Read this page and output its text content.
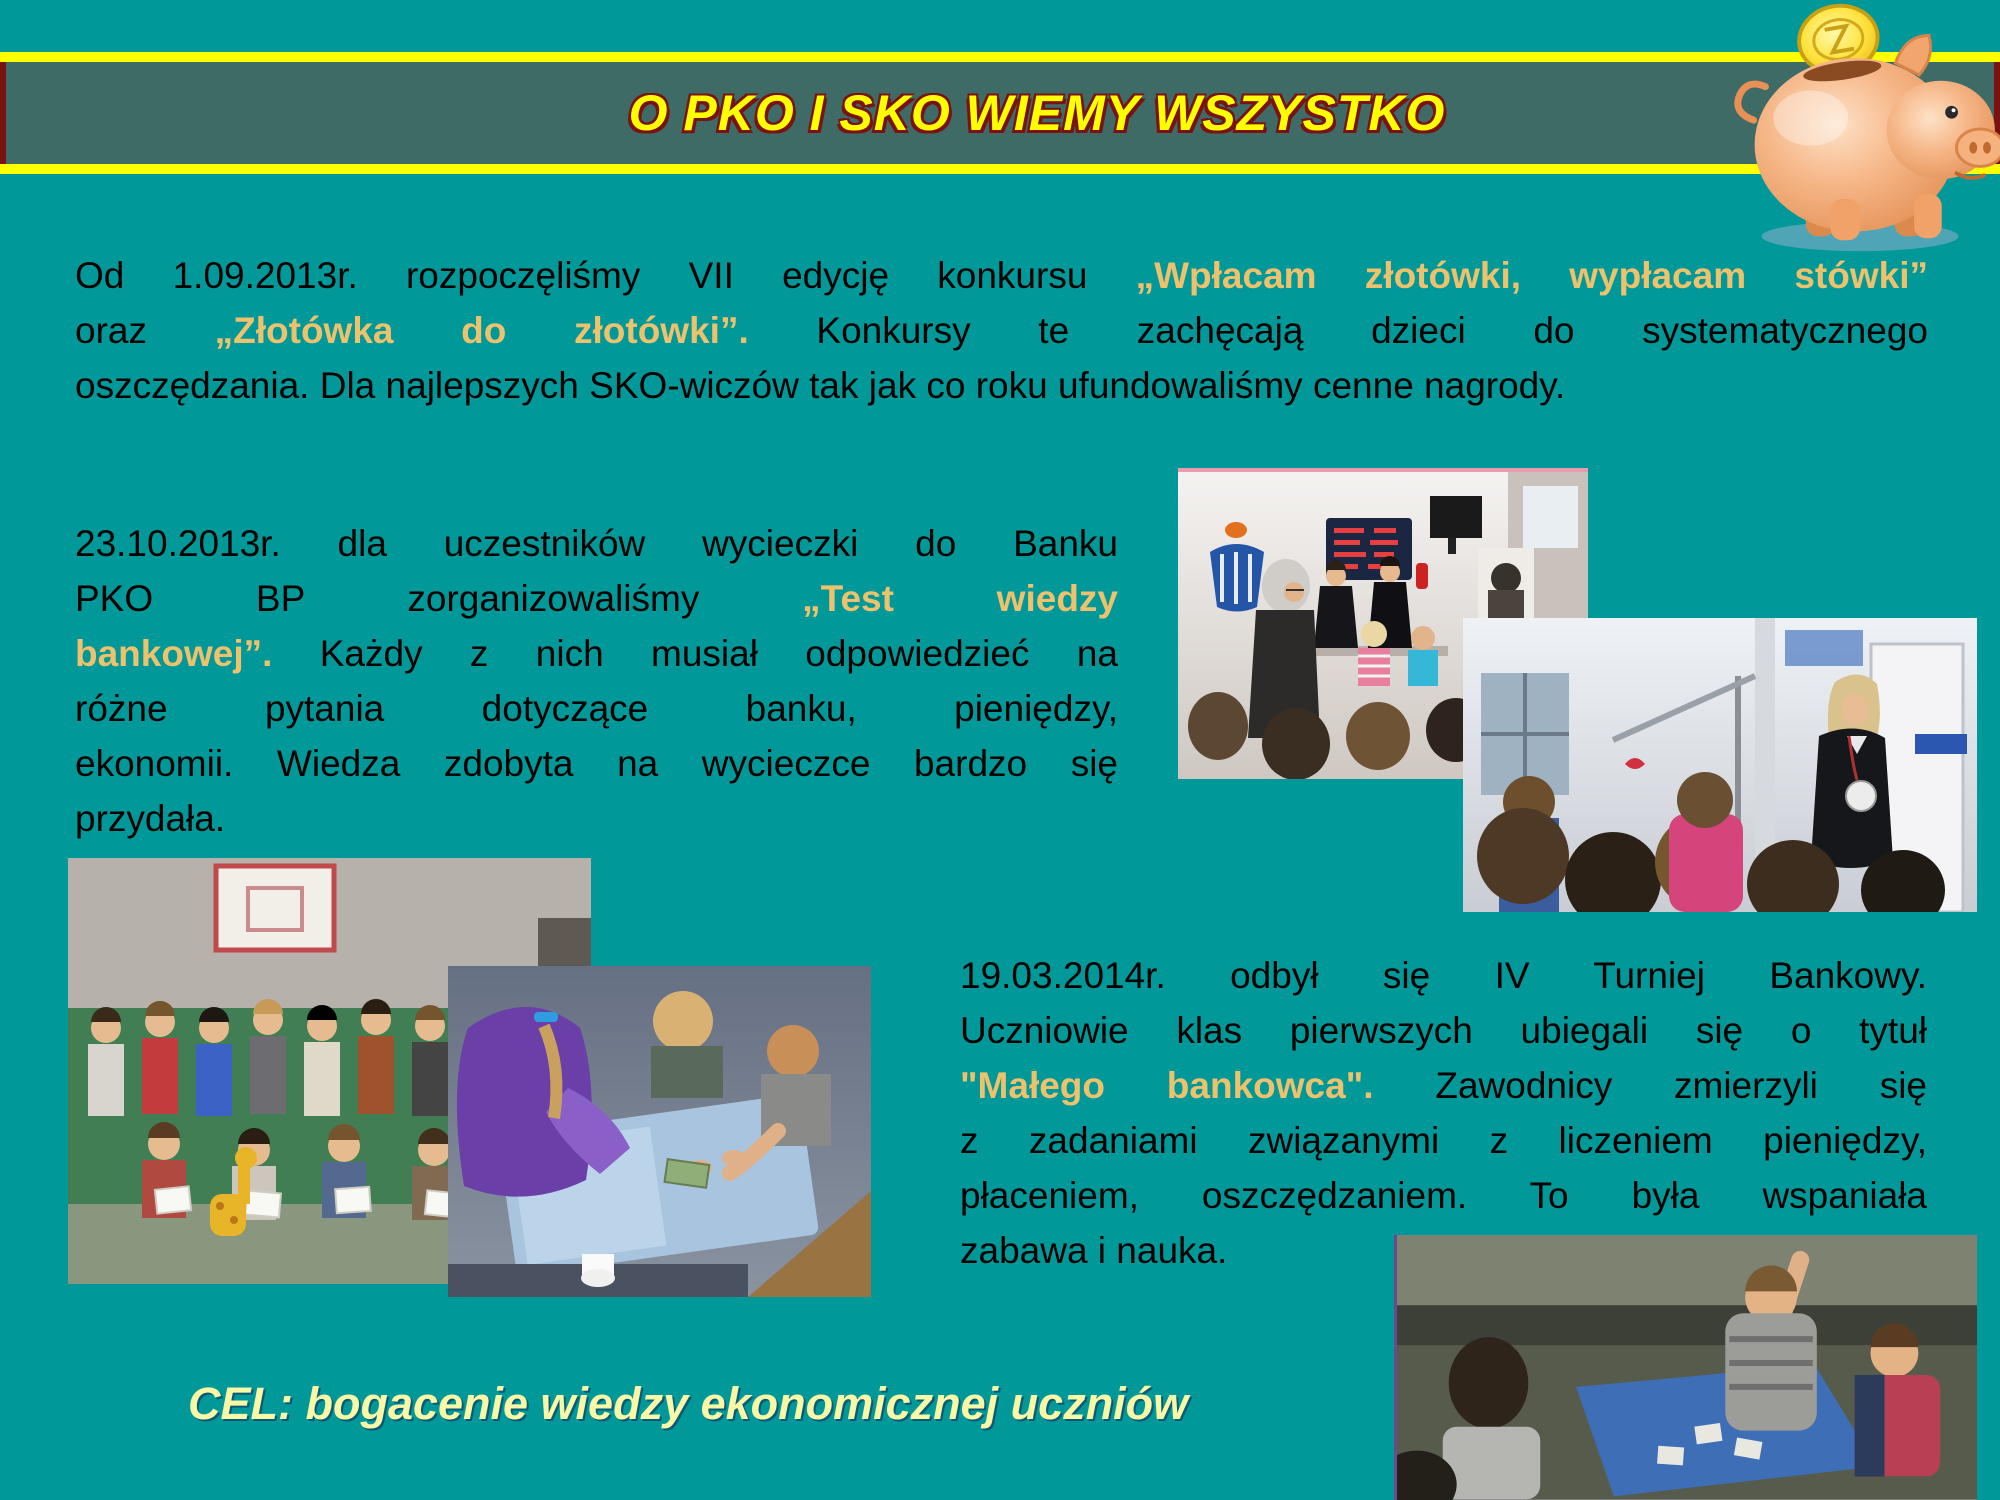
O PKO I SKO WIEMY WSZYSTKO
Od 1.09.2013r. rozpoczęliśmy VII edycję konkursu „Wpłacam złotówki, wypłacam stówki”
oraz „Złotówka do złotówki”. Konkursy te zachęcają dzieci do systematycznego
oszczędzania. Dla najlepszych SKO-wiczów tak jak co roku ufundowaliśmy cenne nagrody.
23.10.2013r. dla uczestników wycieczki do Banku
PKO BP zorganizowaliśmy „Test wiedzy
bankowej”. Każdy z nich musiał odpowiedzieć na
różne pytania dotyczące banku, pieniędzy,
ekonomii. Wiedza zdobyta na wycieczce bardzo się
przydała.
19.03.2014r. odbył się IV Turniej Bankowy.
Uczniowie klas pierwszych ubiegali się o tytuł
"Małego bankowca". Zawodnicy zmierzyli się
z zadaniami związanymi z liczeniem pieniędzy,
płaceniem, oszczędzaniem. To była wspaniała
zabawa i nauka.
CEL: bogacenie wiedzy ekonomicznej uczniów
